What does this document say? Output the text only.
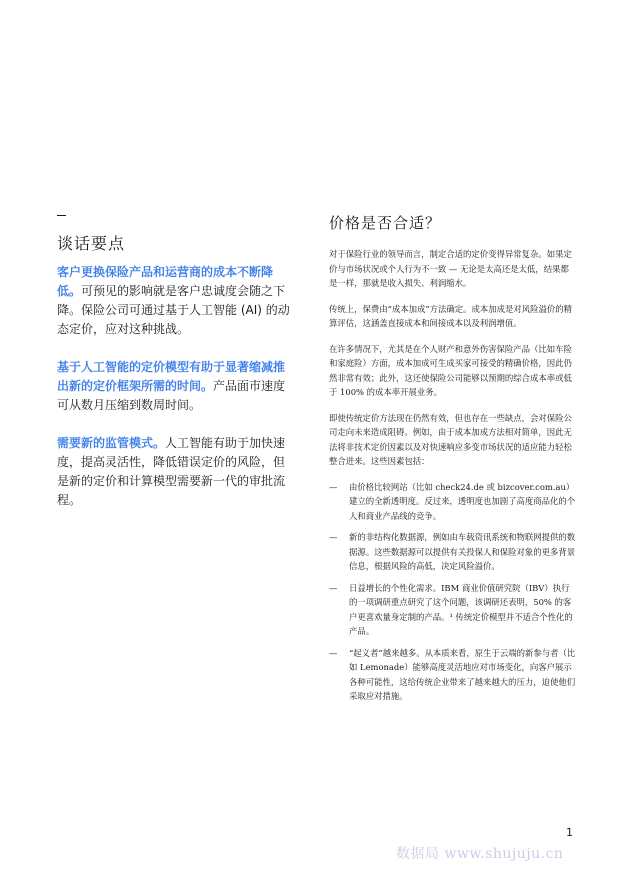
谈话要点

客户更换保险产品和运营商的成本不断降低。可预见的影响就是客户忠诚度会随之下降。保险公司可通过基于人工智能 (AI) 的动态定价，应对这种挑战。

基于人工智能的定价模型有助于显著缩减推出新的定价框架所需的时间。产品面市速度可从数月压缩到数周时间。

需要新的监管模式。人工智能有助于加快速度，提高灵活性，降低错误定价的风险，但是新的定价和计算模型需要新一代的审批流程。

价格是否合适？

对于保险行业的领导而言，制定合适的定价变得异常复杂。如果定价与市场状况或个人行为不一致 — 无论是太高还是太低，结果都是一样，那就是收入损失、利润缩水。

传统上，保费由“成本加成”方法确定。成本加成是对风险溢价的精算评估，这涵盖直接成本和间接成本以及利润增值。

在许多情况下，尤其是在个人财产和意外伤害保险产品（比如车险和家庭险）方面，成本加成可生成买家可接受的精确价格，因此仍然非常有效；此外，这还使保险公司能够以预期的综合成本率或低于 100% 的成本率开展业务。

即使传统定价方法现在仍然有效，但也存在一些缺点，会对保险公司走向未来造成阻碍。例如，由于成本加成方法相对简单，因此无法将非技术定价因素以及对快速响应多变市场状况的适应能力轻松整合进来。这些因素包括：

— 由价格比较网站（比如 check24.de 或 bizcover.com.au）建立的全新透明度。反过来，透明度也加剧了高度商品化的个人和商业产品线的竞争。
— 新的非结构化数据源，例如由车载资讯系统和物联网提供的数据源。这些数据源可以提供有关投保人和保险对象的更多背景信息，根据风险的高低，决定风险溢价。
— 日益增长的个性化需求。IBM 商业价值研究院（IBV）执行的一项调研重点研究了这个问题，该调研还表明，50% 的客户更喜欢量身定制的产品。¹ 传统定价模型并不适合个性化的产品。
— “起义者”越来越多。从本质来看，原生于云端的新参与者（比如 Lemonade）能够高度灵活地应对市场变化，向客户展示各种可能性，这给传统企业带来了越来越大的压力，迫使他们采取应对措施。
1
数据局 www.shujuju.cn
